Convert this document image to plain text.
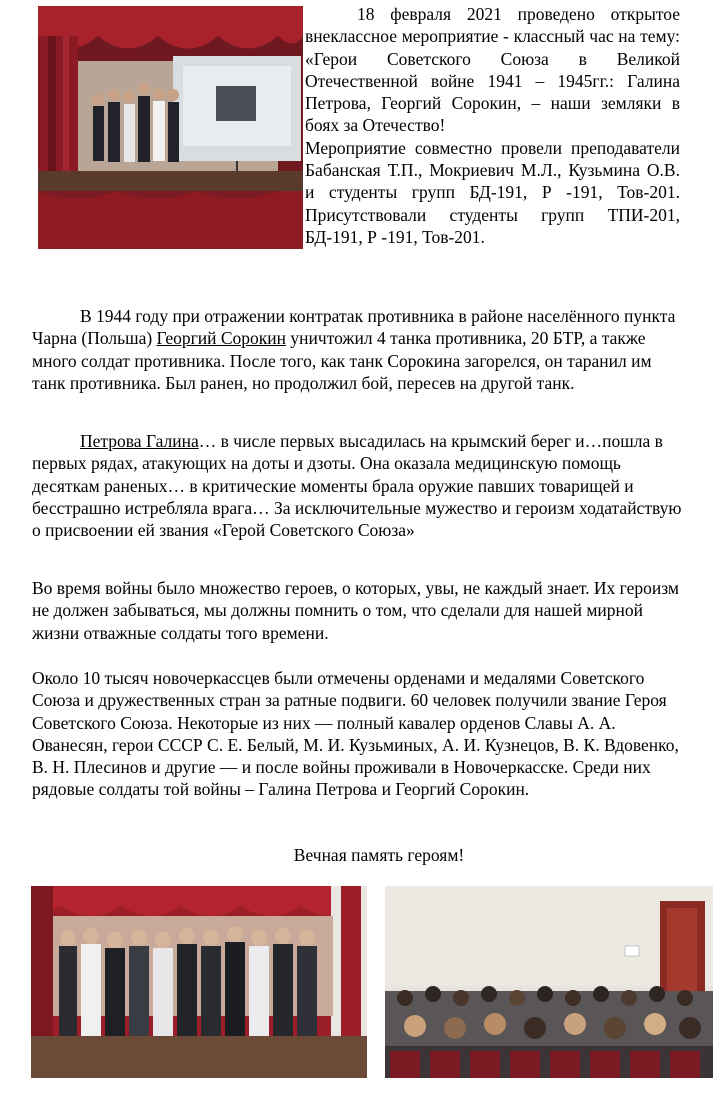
18 февраля 2021 проведено открытое внеклассное мероприятие - классный час на тему: «Герои Советского Союза в Великой Отечественной войне 1941 – 1945гг.: Галина Петрова, Георгий Сорокин, – наши земляки в боях за Отечество!

Мероприятие совместно провели преподаватели Бабанская Т.П., Мокриевич М.Л., Кузьмина О.В. и студенты групп БД-191, Р -191, Тов-201. Присутствовали студенты групп ТПИ-201, БД-191, Р -191, Тов-201.

В 1944 году при отражении контратак противника в районе населённого пункта Чарна (Польша) Георгий Сорокин уничтожил 4 танка противника, 20 БТР, а также много солдат противника. После того, как танк Сорокина загорелся, он таранил им танк противника. Был ранен, но продолжил бой, пересев на другой танк.

Петрова Галина… в числе первых высадилась на крымский берег и…пошла в первых рядах, атакующих на доты и дзоты. Она оказала медицинскую помощь десяткам раненых… в критические моменты брала оружие павших товарищей и бесстрашно истребляла врага… За исключительные мужество и героизм ходатайствую о присвоении ей звания «Герой Советского Союза»

Во время войны было множество героев, о которых, увы, не каждый знает. Их героизм не должен забываться, мы должны помнить о том, что сделали для нашей мирной жизни отважные солдаты того времени.

Около 10 тысяч новочеркассцев были отмечены орденами и медалями Советского Союза и дружественных стран за ратные подвиги. 60 человек получили звание Героя Советского Союза. Некоторые из них — полный кавалер орденов Славы А. А. Ованесян, герои СССР С. Е. Белый, М. И. Кузьминых, А. И. Кузнецов, В. К. Вдовенко, В. Н. Плесинов и другие — и после войны проживали в Новочеркасске. Среди них рядовые солдаты той войны – Галина Петрова и Георгий Сорокин.

Вечная память героям!
